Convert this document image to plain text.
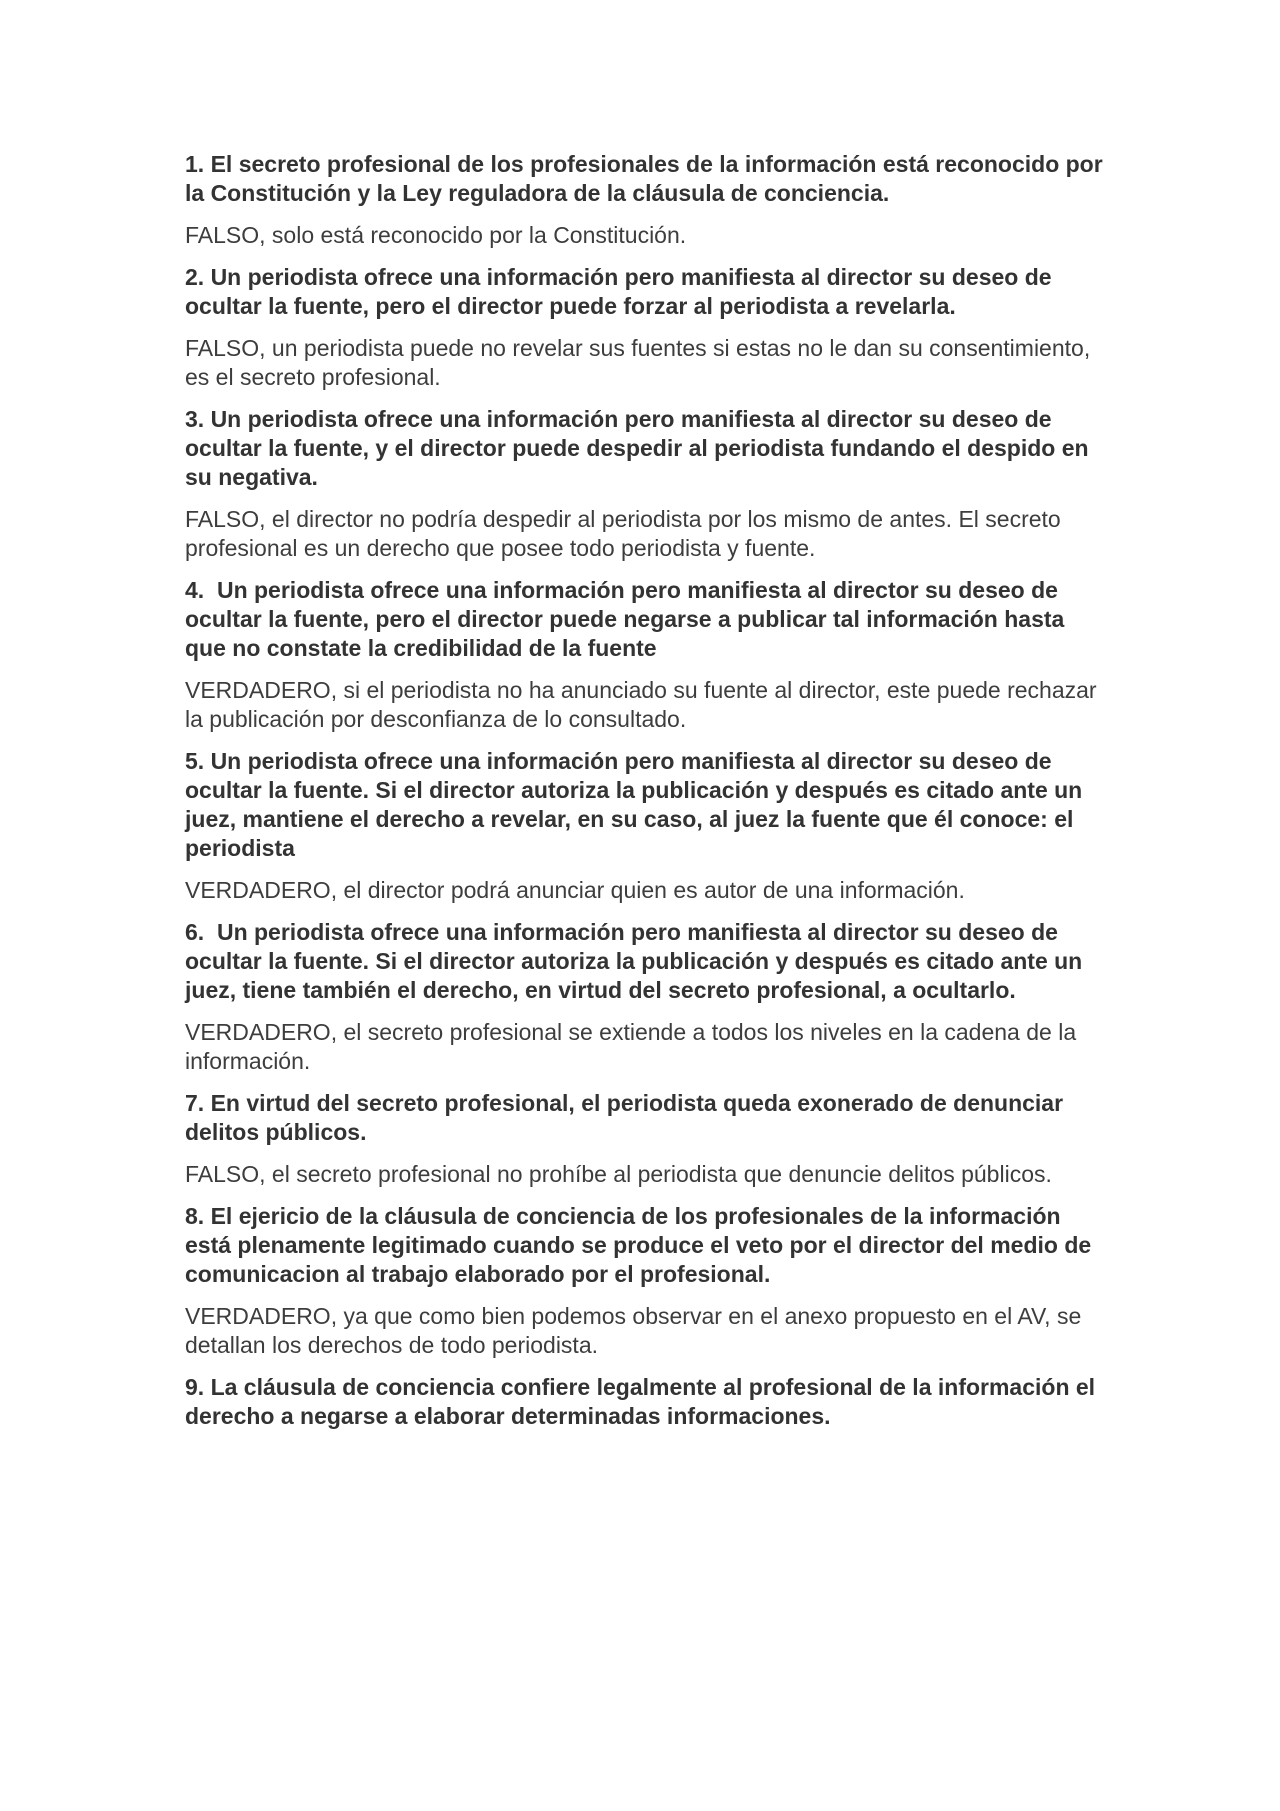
1. El secreto profesional de los profesionales de la información está reconocido por la Constitución y la Ley reguladora de la cláusula de conciencia.

FALSO, solo está reconocido por la Constitución.

2. Un periodista ofrece una información pero manifiesta al director su deseo de ocultar la fuente, pero el director puede forzar al periodista a revelarla.

FALSO, un periodista puede no revelar sus fuentes si estas no le dan su consentimiento, es el secreto profesional.

3. Un periodista ofrece una información pero manifiesta al director su deseo de ocultar la fuente, y el director puede despedir al periodista fundando el despido en su negativa.

FALSO, el director no podría despedir al periodista por los mismo de antes. El secreto profesional es un derecho que posee todo periodista y fuente.

4.  Un periodista ofrece una información pero manifiesta al director su deseo de ocultar la fuente, pero el director puede negarse a publicar tal información hasta que no constate la credibilidad de la fuente

VERDADERO, si el periodista no ha anunciado su fuente al director, este puede rechazar la publicación por desconfianza de lo consultado.

5. Un periodista ofrece una información pero manifiesta al director su deseo de ocultar la fuente. Si el director autoriza la publicación y después es citado ante un juez, mantiene el derecho a revelar, en su caso, al juez la fuente que él conoce: el periodista

VERDADERO, el director podrá anunciar quien es autor de una información.

6.  Un periodista ofrece una información pero manifiesta al director su deseo de ocultar la fuente. Si el director autoriza la publicación y después es citado ante un juez, tiene también el derecho, en virtud del secreto profesional, a ocultarlo.

VERDADERO, el secreto profesional se extiende a todos los niveles en la cadena de la información.

7. En virtud del secreto profesional, el periodista queda exonerado de denunciar delitos públicos.

FALSO, el secreto profesional no prohíbe al periodista que denuncie delitos públicos.

8. El ejericio de la cláusula de conciencia de los profesionales de la información está plenamente legitimado cuando se produce el veto por el director del medio de comunicacion al trabajo elaborado por el profesional.

VERDADERO, ya que como bien podemos observar en el anexo propuesto en el AV, se detallan los derechos de todo periodista.

9. La cláusula de conciencia confiere legalmente al profesional de la información el derecho a negarse a elaborar determinadas informaciones.
